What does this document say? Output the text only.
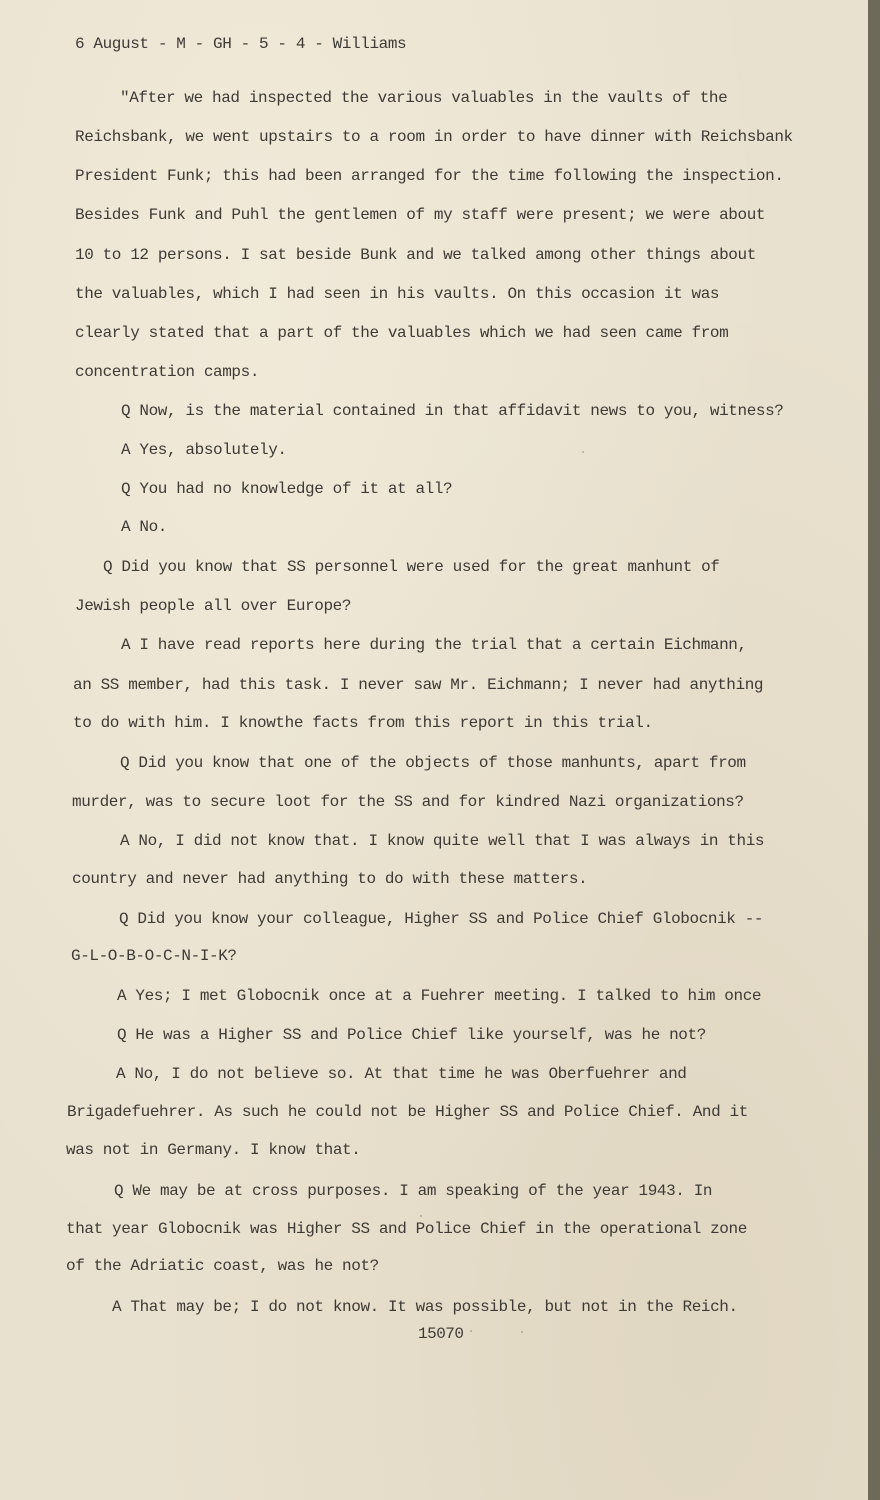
6 August - M - GH - 5 - 4 - Williams

"After we had inspected the various valuables in the vaults of the

Reichsbank, we went upstairs to a room in order to have dinner with Reichsbank

President Funk; this had been arranged for the time following the inspection.

Besides Funk and Puhl the gentlemen of my staff were present; we were about

10 to 12 persons. I sat beside Bunk and we talked among other things about

the valuables, which I had seen in his vaults. On this occasion it was

clearly stated that a part of the valuables which we had seen came from

concentration camps.

Q Now, is the material contained in that affidavit news to you, witness?

A Yes, absolutely.

Q You had no knowledge of it at all?

A No.

Q Did you know that SS personnel were used for the great manhunt of

Jewish people all over Europe?

A I have read reports here during the trial that a certain Eichmann,

an SS member, had this task. I never saw Mr. Eichmann; I never had anything

to do with him. I knowthe facts from this report in this trial.

Q Did you know that one of the objects of those manhunts, apart from

murder, was to secure loot for the SS and for kindred Nazi organizations?

A No, I did not know that. I know quite well that I was always in this

country and never had anything to do with these matters.

Q Did you know your colleague, Higher SS and Police Chief Globocnik --

G-L-O-B-O-C-N-I-K?

A Yes; I met Globocnik once at a Fuehrer meeting. I talked to him once

Q He was a Higher SS and Police Chief like yourself, was he not?

A No, I do not believe so. At that time he was Oberfuehrer and

Brigadefuehrer. As such he could not be Higher SS and Police Chief. And it

was not in Germany. I know that.

Q We may be at cross purposes. I am speaking of the year 1943. In

that year Globocnik was Higher SS and Police Chief in the operational zone

of the Adriatic coast, was he not?

A That may be; I do not know. It was possible, but not in the Reich.

15070
